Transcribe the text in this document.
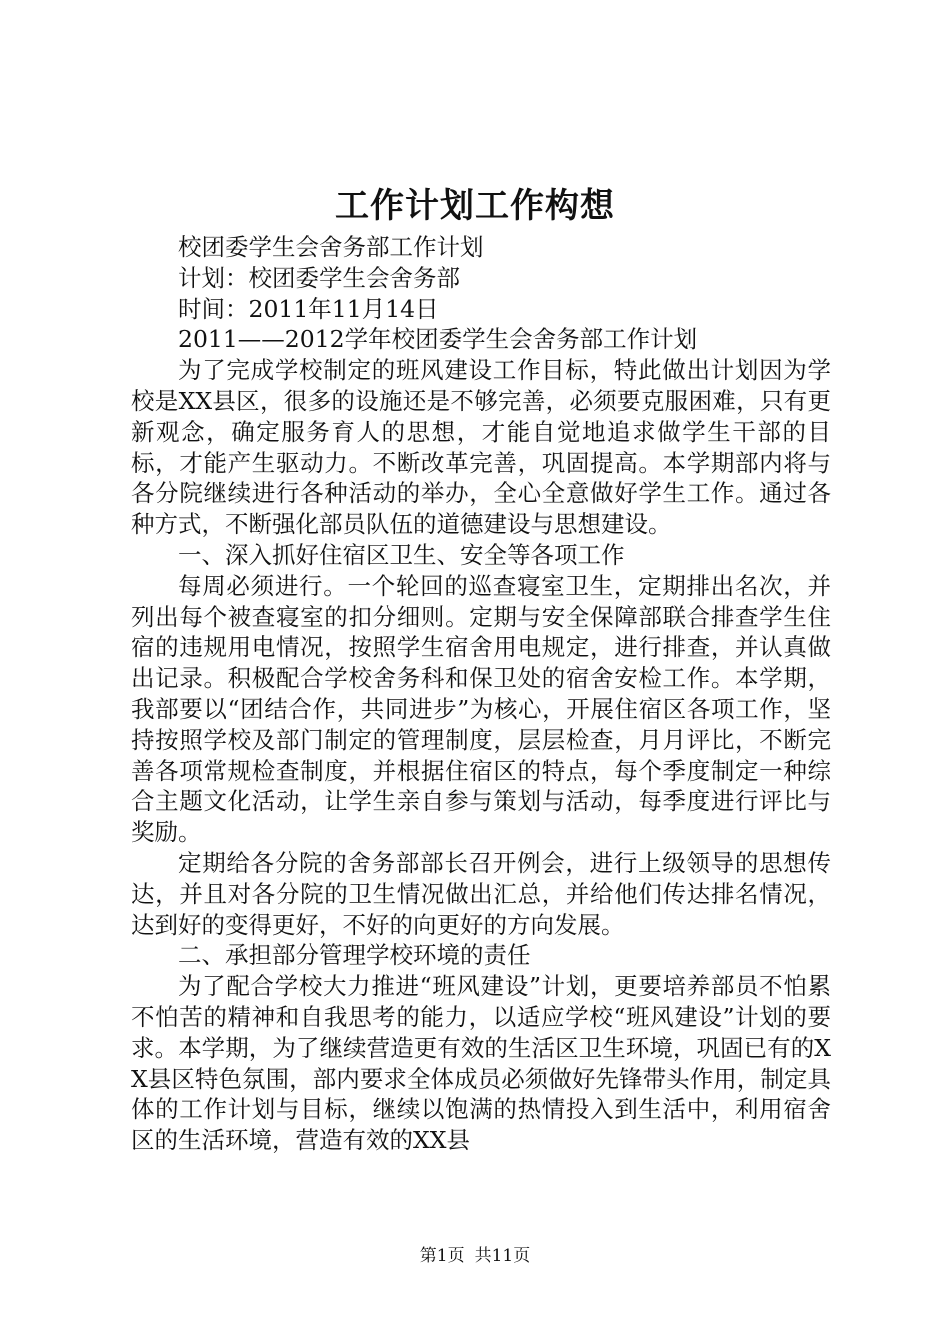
工作计划工作构想

校团委学生会舍务部工作计划

计划：校团委学生会舍务部

时间：2011年11月14日

2011——2012学年校团委学生会舍务部工作计划

为了完成学校制定的班风建设工作目标，特此做出计划因为学校是XX县区，很多的设施还是不够完善，必须要克服困难，只有更新观念，确定服务育人的思想，才能自觉地追求做学生干部的目标，才能产生驱动力。不断改革完善，巩固提高。本学期部内将与各分院继续进行各种活动的举办，全心全意做好学生工作。通过各种方式，不断强化部员队伍的道德建设与思想建设。

一、深入抓好住宿区卫生、安全等各项工作

每周必须进行。一个轮回的巡查寝室卫生，定期排出名次，并列出每个被查寝室的扣分细则。定期与安全保障部联合排查学生住宿的违规用电情况，按照学生宿舍用电规定，进行排查，并认真做出记录。积极配合学校舍务科和保卫处的宿舍安检工作。本学期，我部要以“团结合作，共同进步”为核心，开展住宿区各项工作，坚持按照学校及部门制定的管理制度，层层检查，月月评比，不断完善各项常规检查制度，并根据住宿区的特点，每个季度制定一种综合主题文化活动，让学生亲自参与策划与活动，每季度进行评比与奖励。

定期给各分院的舍务部部长召开例会，进行上级领导的思想传达，并且对各分院的卫生情况做出汇总，并给他们传达排名情况，达到好的变得更好，不好的向更好的方向发展。

二、承担部分管理学校环境的责任

为了配合学校大力推进“班风建设”计划，更要培养部员不怕累不怕苦的精神和自我思考的能力，以适应学校“班风建设”计划的要求。本学期，为了继续营造更有效的生活区卫生环境，巩固已有的XX县区特色氛围，部内要求全体成员必须做好先锋带头作用，制定具体的工作计划与目标，继续以饱满的热情投入到生活中，利用宿舍区的生活环境，营造有效的XX县

第1页 共11页
